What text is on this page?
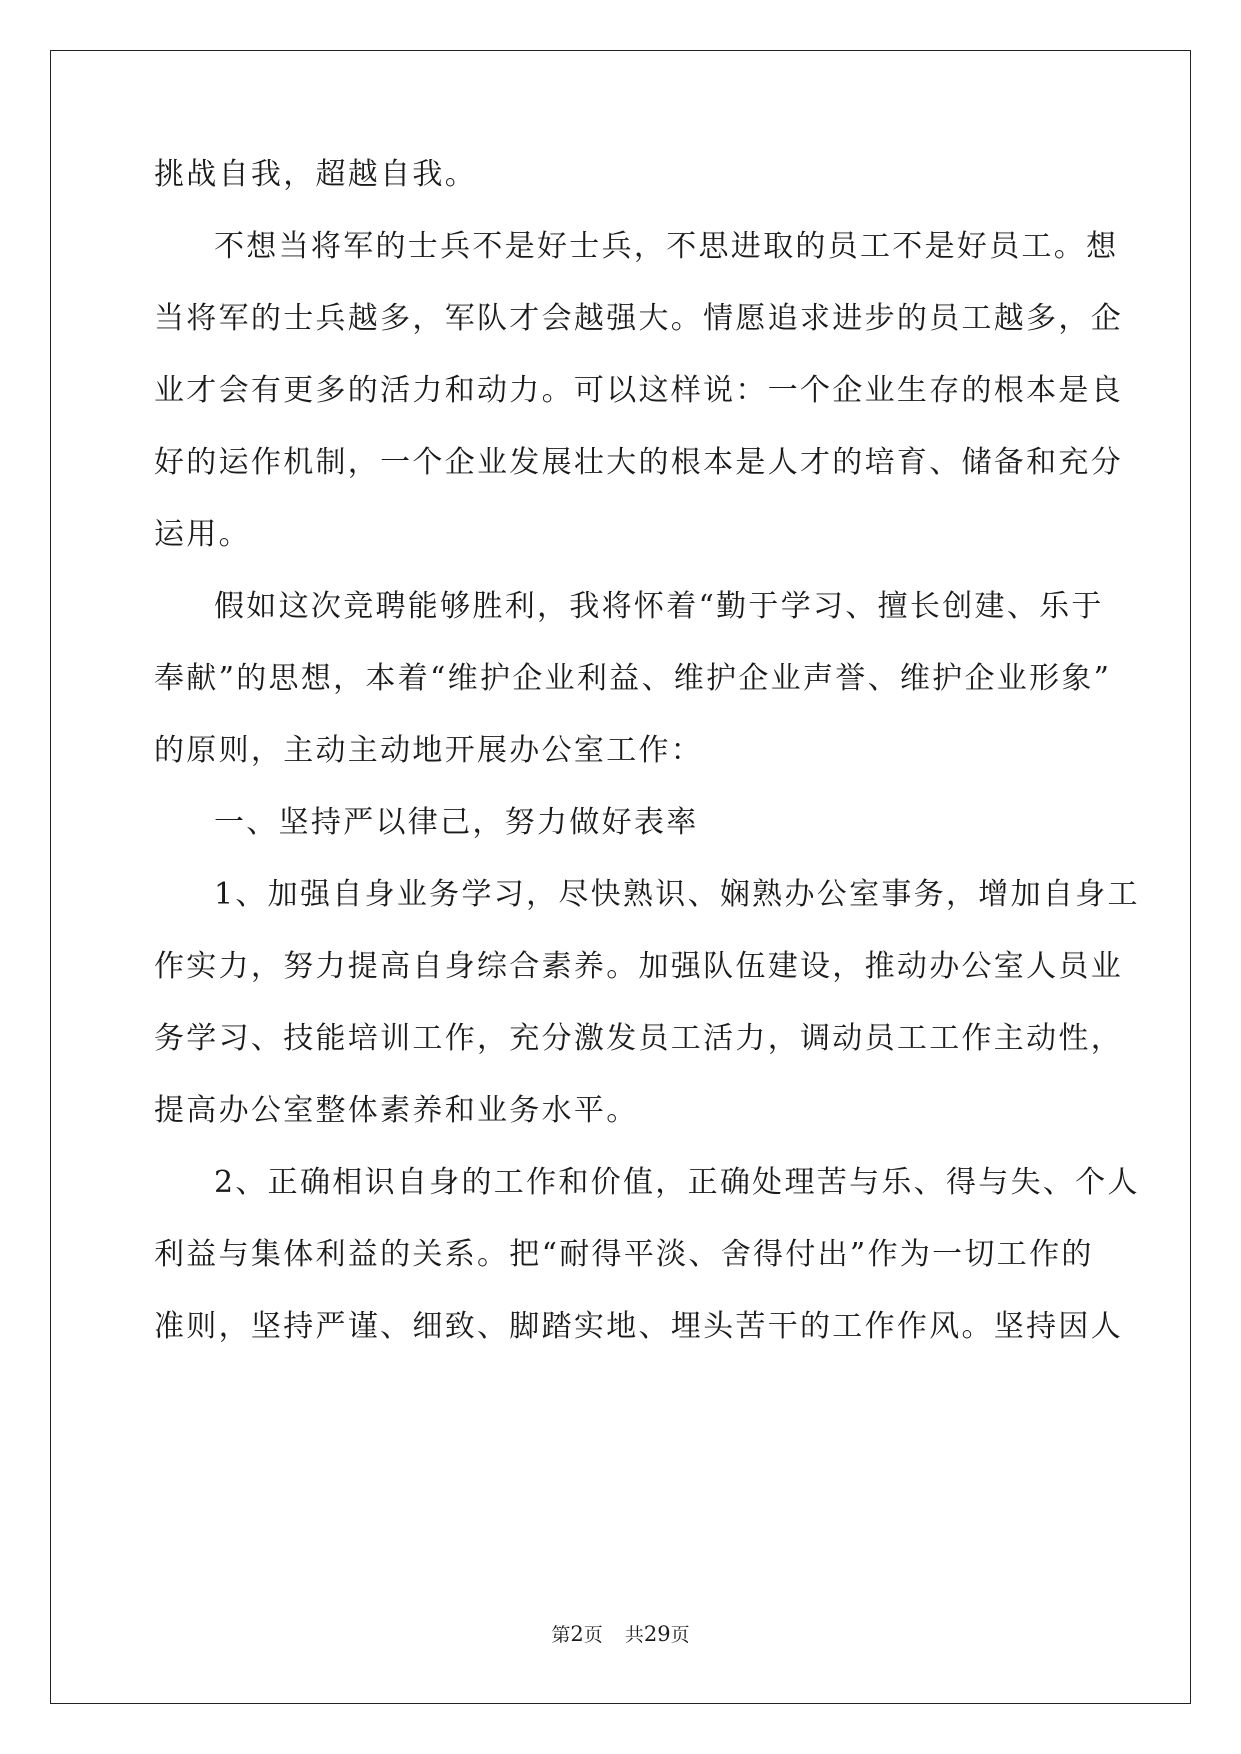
挑战自我，超越自我。
不想当将军的士兵不是好士兵，不思进取的员工不是好员工。想
当将军的士兵越多，军队才会越强大。情愿追求进步的员工越多，企
业才会有更多的活力和动力。可以这样说：一个企业生存的根本是良
好的运作机制，一个企业发展壮大的根本是人才的培育、储备和充分
运用。
假如这次竞聘能够胜利，我将怀着“勤于学习、擅长创建、乐于
奉献”的思想，本着“维护企业利益、维护企业声誉、维护企业形象”
的原则，主动主动地开展办公室工作：
一、坚持严以律己，努力做好表率
1、加强自身业务学习，尽快熟识、娴熟办公室事务，增加自身工
作实力，努力提高自身综合素养。加强队伍建设，推动办公室人员业
务学习、技能培训工作，充分激发员工活力，调动员工工作主动性，
提高办公室整体素养和业务水平。
2、正确相识自身的工作和价值，正确处理苦与乐、得与失、个人
利益与集体利益的关系。把“耐得平淡、舍得付出”作为一切工作的
准则，坚持严谨、细致、脚踏实地、埋头苦干的工作作风。坚持因人
第2页 共29页
